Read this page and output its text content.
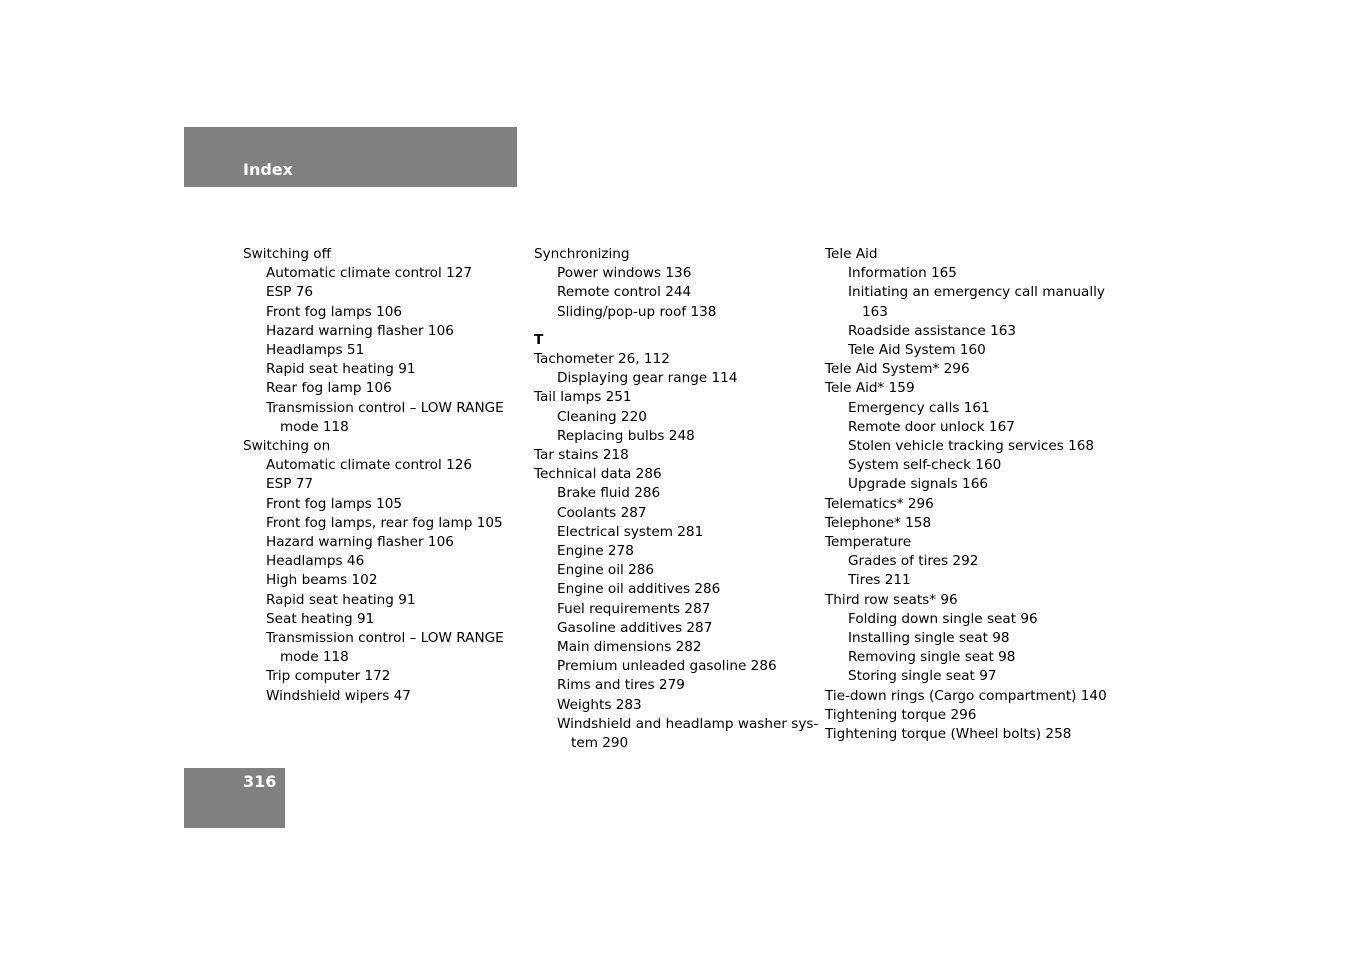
Index
Switching off
Automatic climate control 127
ESP 76
Front fog lamps 106
Hazard warning flasher 106
Headlamps 51
Rapid seat heating 91
Rear fog lamp 106
Transmission control – LOW RANGE
mode 118
Switching on
Automatic climate control 126
ESP 77
Front fog lamps 105
Front fog lamps, rear fog lamp 105
Hazard warning flasher 106
Headlamps 46
High beams 102
Rapid seat heating 91
Seat heating 91
Transmission control – LOW RANGE
mode 118
Trip computer 172
Windshield wipers 47
Synchronizing
Power windows 136
Remote control 244
Sliding/pop-up roof 138
T
Tachometer 26, 112
Displaying gear range 114
Tail lamps 251
Cleaning 220
Replacing bulbs 248
Tar stains 218
Technical data 286
Brake fluid 286
Coolants 287
Electrical system 281
Engine 278
Engine oil 286
Engine oil additives 286
Fuel requirements 287
Gasoline additives 287
Main dimensions 282
Premium unleaded gasoline 286
Rims and tires 279
Weights 283
Windshield and headlamp washer sys-
tem 290
Tele Aid
Information 165
Initiating an emergency call manually
163
Roadside assistance 163
Tele Aid System 160
Tele Aid System* 296
Tele Aid* 159
Emergency calls 161
Remote door unlock 167
Stolen vehicle tracking services 168
System self-check 160
Upgrade signals 166
Telematics* 296
Telephone* 158
Temperature
Grades of tires 292
Tires 211
Third row seats* 96
Folding down single seat 96
Installing single seat 98
Removing single seat 98
Storing single seat 97
Tie-down rings (Cargo compartment) 140
Tightening torque 296
Tightening torque (Wheel bolts) 258
316
